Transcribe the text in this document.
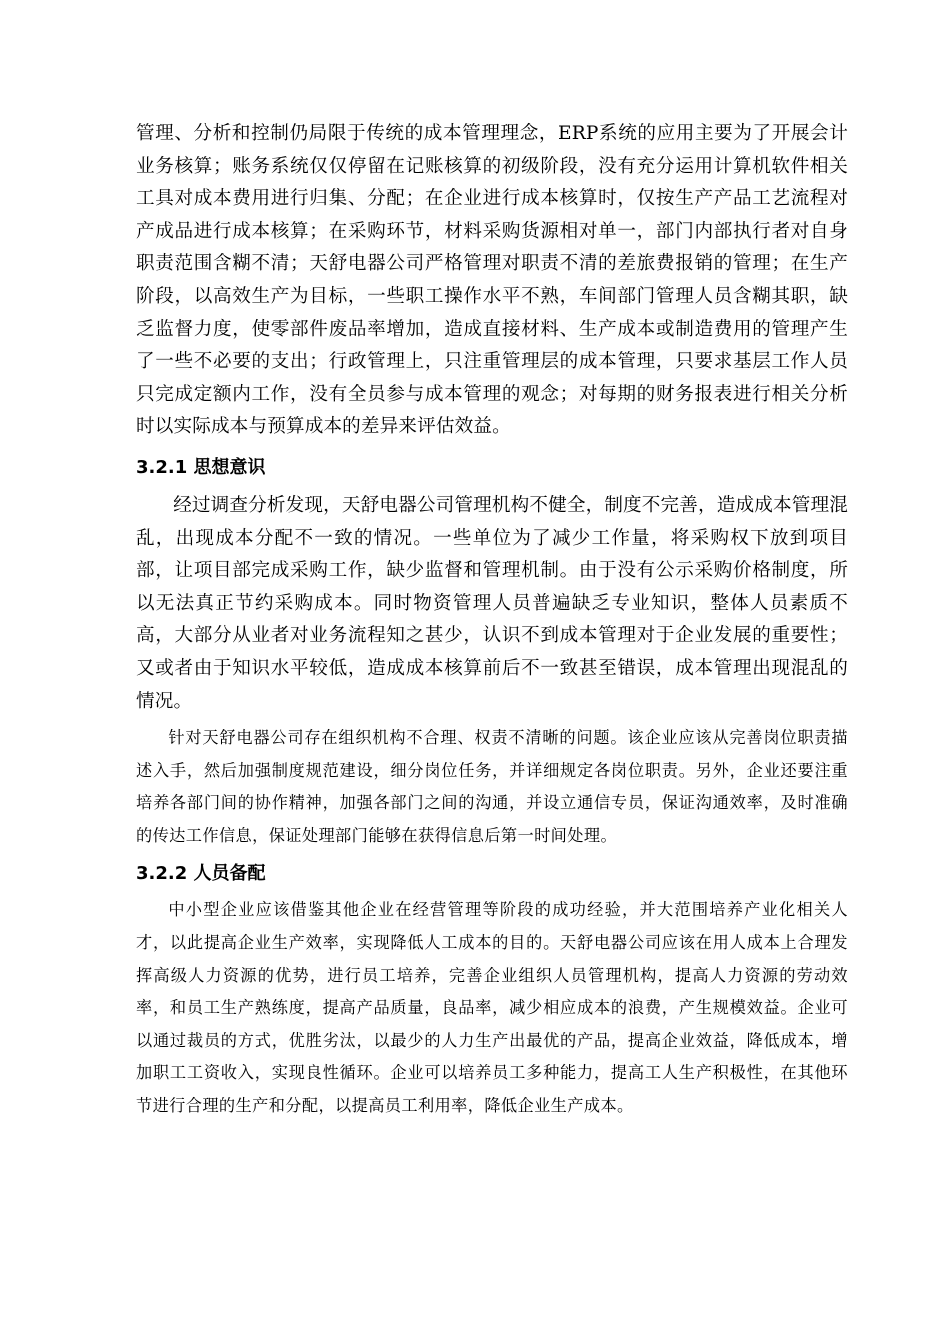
管理、分析和控制仍局限于传统的成本管理理念，ERP系统的应用主要为了开展会计业务核算；账务系统仅仅停留在记账核算的初级阶段，没有充分运用计算机软件相关工具对成本费用进行归集、分配；在企业进行成本核算时，仅按生产产品工艺流程对产成品进行成本核算；在采购环节，材料采购货源相对单一，部门内部执行者对自身职责范围含糊不清；天舒电器公司严格管理对职责不清的差旅费报销的管理；在生产阶段，以高效生产为目标，一些职工操作水平不熟，车间部门管理人员含糊其职，缺乏监督力度，使零部件废品率增加，造成直接材料、生产成本或制造费用的管理产生了一些不必要的支出；行政管理上，只注重管理层的成本管理，只要求基层工作人员只完成定额内工作，没有全员参与成本管理的观念；对每期的财务报表进行相关分析时以实际成本与预算成本的差异来评估效益。

3.2.1 思想意识

经过调查分析发现，天舒电器公司管理机构不健全，制度不完善，造成成本管理混乱，出现成本分配不一致的情况。一些单位为了减少工作量，将采购权下放到项目部，让项目部完成采购工作，缺少监督和管理机制。由于没有公示采购价格制度，所以无法真正节约采购成本。同时物资管理人员普遍缺乏专业知识，整体人员素质不高，大部分从业者对业务流程知之甚少，认识不到成本管理对于企业发展的重要性；又或者由于知识水平较低，造成成本核算前后不一致甚至错误，成本管理出现混乱的情况。

针对天舒电器公司存在组织机构不合理、权责不清晰的问题。该企业应该从完善岗位职责描述入手，然后加强制度规范建设，细分岗位任务，并详细规定各岗位职责。另外，企业还要注重培养各部门间的协作精神，加强各部门之间的沟通，并设立通信专员，保证沟通效率，及时准确的传达工作信息，保证处理部门能够在获得信息后第一时间处理。

3.2.2 人员备配

中小型企业应该借鉴其他企业在经营管理等阶段的成功经验，并大范围培养产业化相关人才，以此提高企业生产效率，实现降低人工成本的目的。天舒电器公司应该在用人成本上合理发挥高级人力资源的优势，进行员工培养，完善企业组织人员管理机构，提高人力资源的劳动效率，和员工生产熟练度，提高产品质量，良品率，减少相应成本的浪费，产生规模效益。企业可以通过裁员的方式，优胜劣汰，以最少的人力生产出最优的产品，提高企业效益，降低成本，增加职工工资收入，实现良性循环。企业可以培养员工多种能力，提高工人生产积极性，在其他环节进行合理的生产和分配，以提高员工利用率，降低企业生产成本。
